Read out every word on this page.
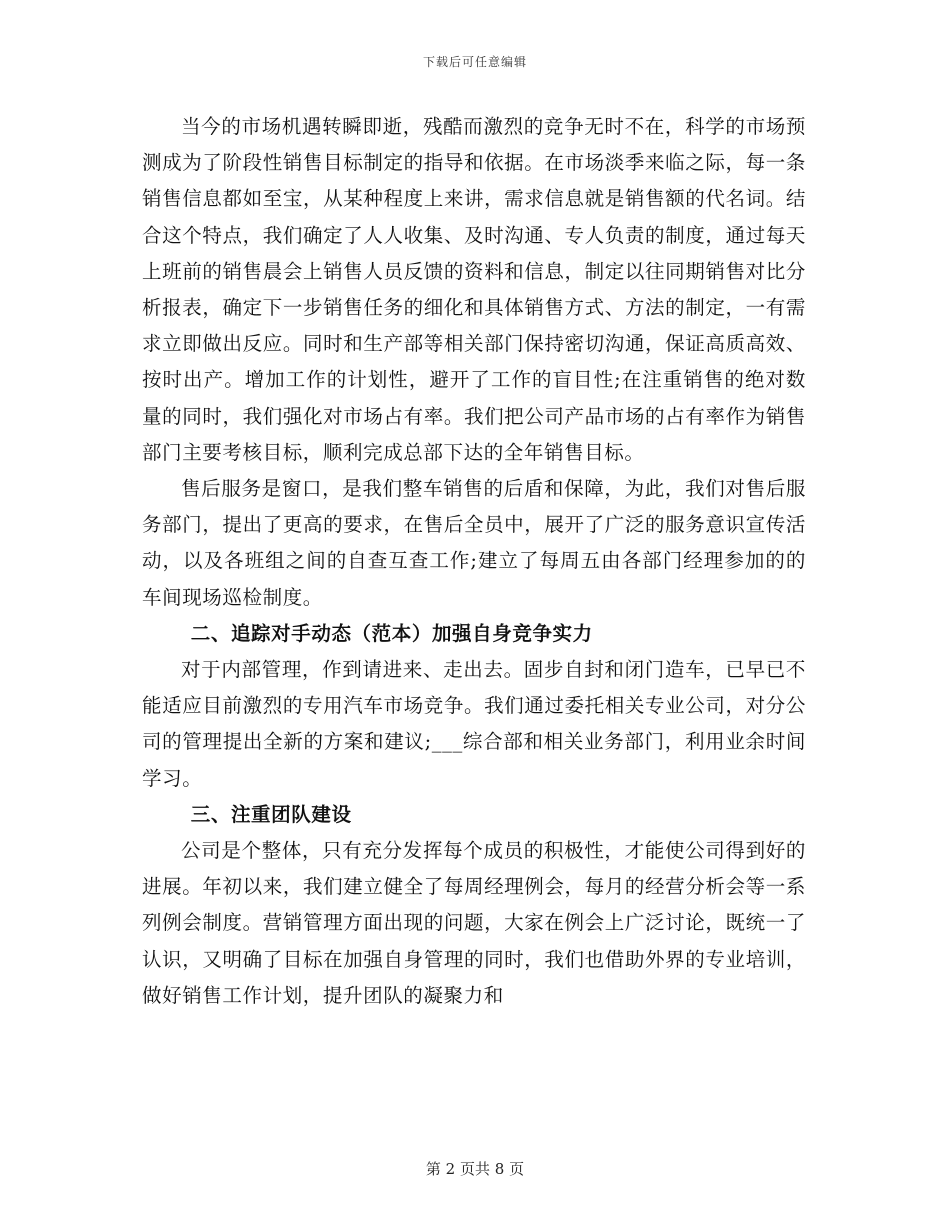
下载后可任意编辑

当今的市场机遇转瞬即逝，残酷而激烈的竞争无时不在，科学的市场预测成为了阶段性销售目标制定的指导和依据。在市场淡季来临之际，每一条销售信息都如至宝，从某种程度上来讲，需求信息就是销售额的代名词。结合这个特点，我们确定了人人收集、及时沟通、专人负责的制度，通过每天上班前的销售晨会上销售人员反馈的资料和信息，制定以往同期销售对比分析报表，确定下一步销售任务的细化和具体销售方式、方法的制定，一有需求立即做出反应。同时和生产部等相关部门保持密切沟通，保证高质高效、按时出产。增加工作的计划性，避开了工作的盲目性;在注重销售的绝对数量的同时，我们强化对市场占有率。我们把公司产品市场的占有率作为销售部门主要考核目标，顺利完成总部下达的全年销售目标。

售后服务是窗口，是我们整车销售的后盾和保障，为此，我们对售后服务部门，提出了更高的要求，在售后全员中，展开了广泛的服务意识宣传活动，以及各班组之间的自查互查工作;建立了每周五由各部门经理参加的的车间现场巡检制度。

二、追踪对手动态（范本）加强自身竞争实力

对于内部管理，作到请进来、走出去。固步自封和闭门造车，已早已不能适应目前激烈的专用汽车市场竞争。我们通过委托相关专业公司，对分公司的管理提出全新的方案和建议;___综合部和相关业务部门，利用业余时间学习。

三、注重团队建设

公司是个整体，只有充分发挥每个成员的积极性，才能使公司得到好的进展。年初以来，我们建立健全了每周经理例会，每月的经营分析会等一系列例会制度。营销管理方面出现的问题，大家在例会上广泛讨论，既统一了认识，又明确了目标在加强自身管理的同时，我们也借助外界的专业培训，做好销售工作计划，提升团队的凝聚力和

第 2 页共 8 页
